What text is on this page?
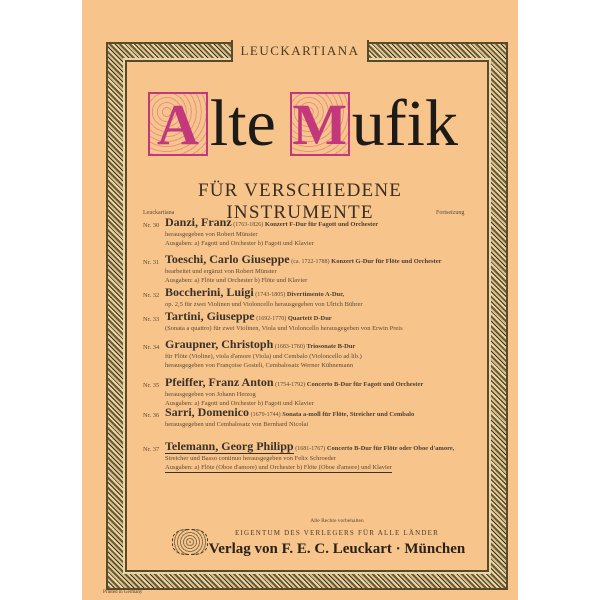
LEUCKARTIANA
A lte M ufik
FÜR VERSCHIEDENE INSTRUMENTE
Leuckartiana	Fortsetzung
Nr. 30 Danzi, Franz (1763-1826) Konzert F-Dur für Fagott und Orchester
herausgegeben von Robert Münster
Ausgaben: a) Fagott und Orchester b) Fagott und Klavier
Nr. 31 Toeschi, Carlo Giuseppe (ca. 1722-1788) Konzert G-Dur für Flöte und Orchester
bearbeitet und ergänzt von Robert Münster
Ausgaben: a) Flöte und Orchester b) Flöte und Klavier
Nr. 32 Boccherini, Luigi (1743-1805) Divertimento A-Dur,
op. 2,5 für zwei Violinen und Violoncello herausgegeben von Ulrich Bührer
Nr. 33 Tartini, Giuseppe (1692-1770) Quartett D-Dur
(Sonata a quattro) für zwei Violinen, Viola und Violoncello herausgegeben von Erwin Preis
Nr. 34 Graupner, Christoph (1683-1760) Triosonate B-Dur
für Flöte (Violine), viola d'amore (Viola) und Cembalo (Violoncello ad lib.)
herausgegeben von Françoise Gosteli, Cembalosatz Werner Kühnemann
Nr. 35 Pfeiffer, Franz Anton (1754-1792) Concerto B-Dur für Fagott und Orchester
herausgegeben von Johann Herzog
Ausgaben: a) Fagott und Orchester b) Fagott und Klavier
Nr. 36 Sarri, Domenico (1679-1744) Sonata a-moll für Flöte, Streicher und Cembalo
herausgegeben und Cembalosatz von Bernhard Nicolai
Nr. 37 Telemann, Georg Philipp (1681-1767) Concerto B-Dur für Flöte oder Oboe d'amore,
Streicher und Basso continuo herausgegeben von Felix Schroeder
Ausgaben: a) Flöte (Oboe d'amore) und Orchester b) Flöte (Oboe d'amore) und Klavier
Alle Rechte vorbehalten
EIGENTUM DES VERLEGERS FÜR ALLE LÄNDER
Verlag von F. E. C. Leuckart · München
Printed in Germany
